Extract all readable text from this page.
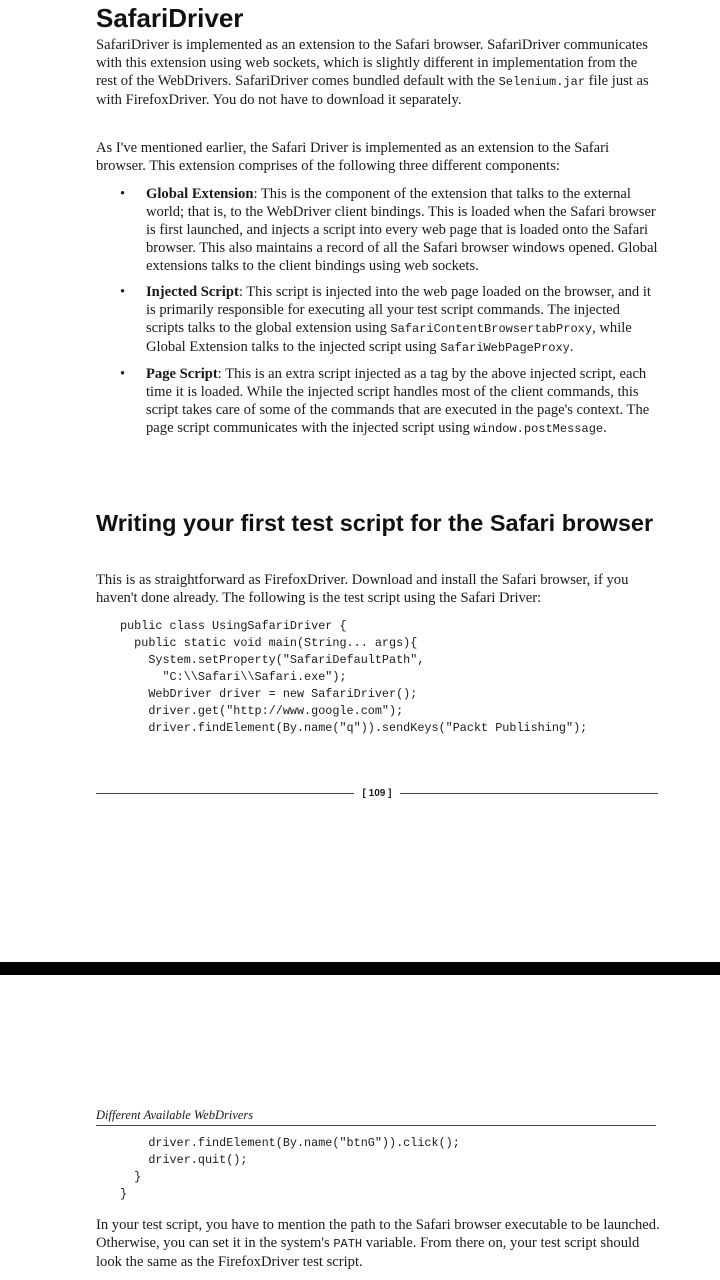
SafariDriver

SafariDriver is implemented as an extension to the Safari browser. SafariDriver communicates with this extension using web sockets, which is slightly different in implementation from the rest of the WebDrivers. SafariDriver comes bundled default with the Selenium.jar file just as with FirefoxDriver. You do not have to download it separately.

As I've mentioned earlier, the Safari Driver is implemented as an extension to the Safari browser. This extension comprises of the following three different components:

• Global Extension: This is the component of the extension that talks to the external world; that is, to the WebDriver client bindings. This is loaded when the Safari browser is first launched, and injects a script into every web page that is loaded onto the Safari browser. This also maintains a record of all the Safari browser windows opened. Global extensions talks to the client bindings using web sockets.
• Injected Script: This script is injected into the web page loaded on the browser, and it is primarily responsible for executing all your test script commands. The injected scripts talks to the global extension using SafariContentBrowsertabProxy, while Global Extension talks to the injected script using SafariWebPageProxy.
• Page Script: This is an extra script injected as a tag by the above injected script, each time it is loaded. While the injected script handles most of the client commands, this script takes care of some of the commands that are executed in the page's context. The page script communicates with the injected script using window.postMessage.
Writing your first test script for the Safari browser

This is as straightforward as FirefoxDriver. Download and install the Safari browser, if you haven't done already. The following is the test script using the Safari Driver:

public class UsingSafariDriver {
public static void main(String... args){
System.setProperty("SafariDefaultPath",
"C:\\Safari\\Safari.exe");
WebDriver driver = new SafariDriver();
driver.get("http://www.google.com");
driver.findElement(By.name("q")).sendKeys("Packt Publishing");
[ 109 ]
Different Available WebDrivers
driver.findElement(By.name("btnG")).click();
driver.quit();
}
}

In your test script, you have to mention the path to the Safari browser executable to be launched. Otherwise, you can set it in the system's PATH variable. From there on, your test script should look the same as the FirefoxDriver test script.
